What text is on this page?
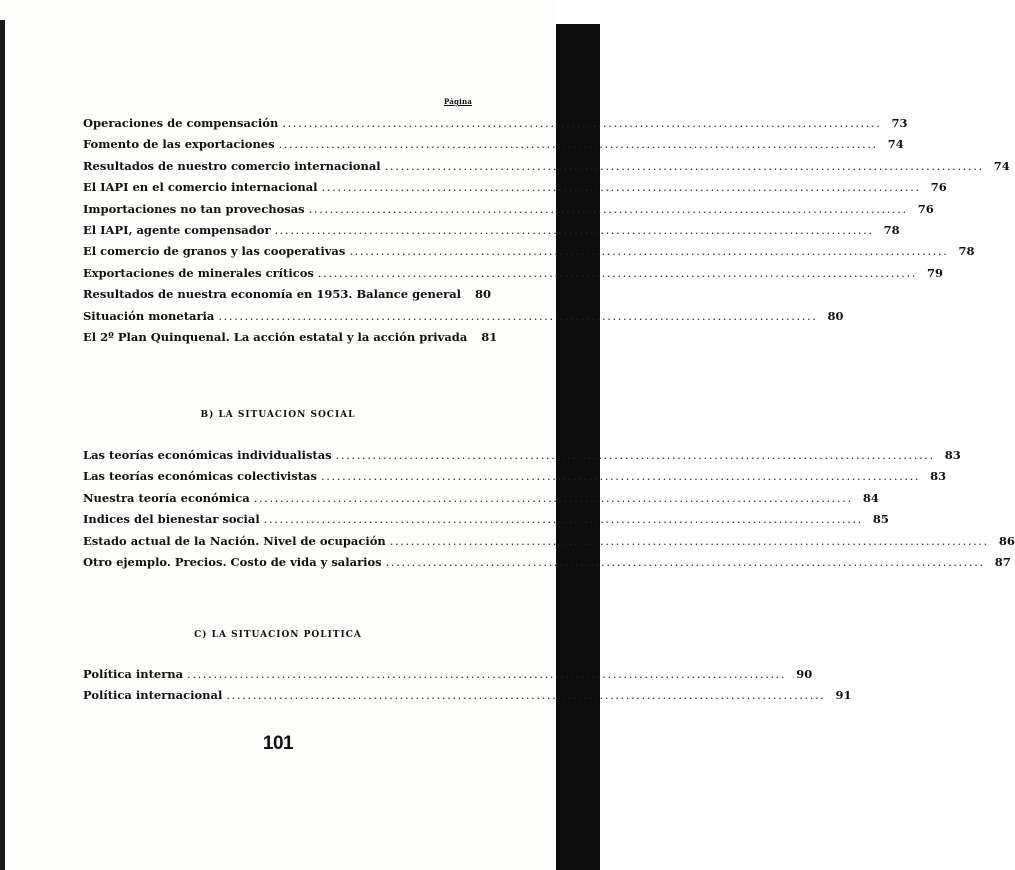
Página
Operaciones de compensación .....	73
Fomento de las exportaciones .....	74
Resultados de nuestro comercio internacional .....	74
El IAPI en el comercio internacional .....	76
Importaciones no tan provechosas .....	76
El IAPI, agente compensador .....	78
El comercio de granos y las cooperativas .....	78
Exportaciones de minerales críticos .....	79
Resultados de nuestra economía en 1953. Balance general	80
Situación monetaria .....	80
El 2º Plan Quinquenal. La acción estatal y la acción privada	81
B) LA SITUACION SOCIAL
Las teorías económicas individualistas .....	83
Las teorías económicas colectivistas .....	83
Nuestra teoría económica .....	84
Indices del bienestar social .....	85
Estado actual de la Nación. Nivel de ocupación .....	86
Otro ejemplo. Precios. Costo de vida y salarios .....	87
C) LA SITUACION POLITICA
Política interna .....	90
Política internacional .....	91
101
